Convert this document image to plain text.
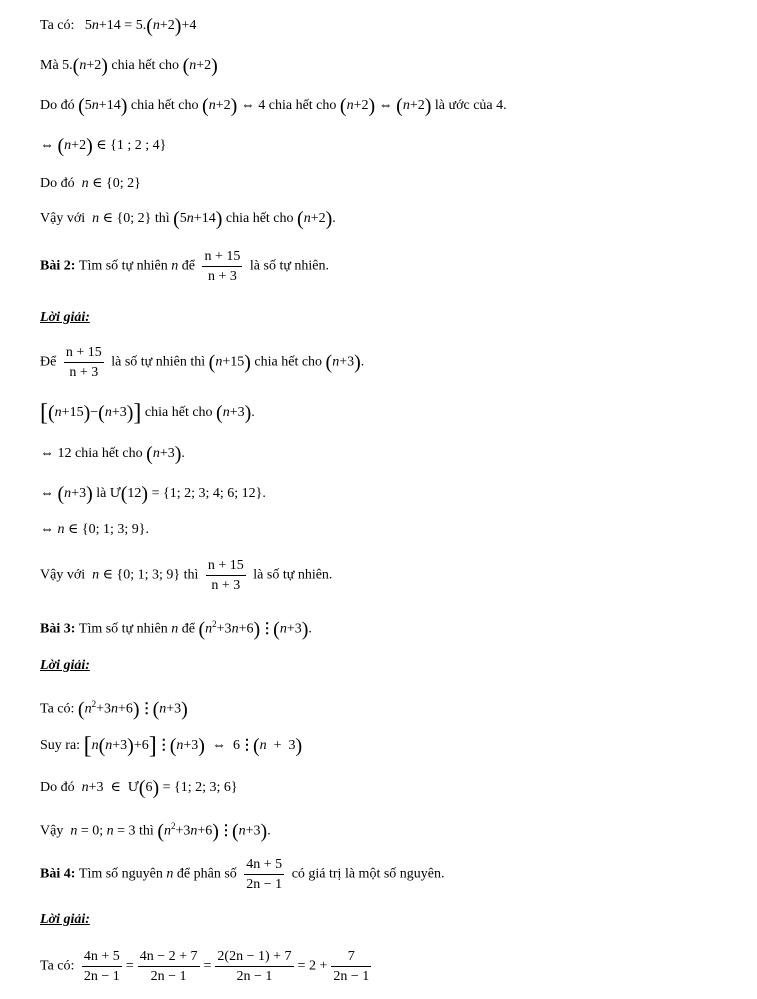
Ta có:   5n+14 = 5.(n+2)+4
Mà 5.(n+2) chia hết cho (n+2)
Do đó (5n+14) chia hết cho (n+2) ⇔ 4 chia hết cho (n+2) ⇔ (n+2) là ước của 4.
⇔ (n+2) ∈ {1 ; 2 ; 4}
Do đó n ∈ {0; 2}
Vậy với n ∈ {0; 2} thì (5n+14) chia hết cho (n+2).
Bài 2: Tìm số tự nhiên n để $\frac{n + 15}{n + 3}$ là số tự nhiên.
Lời giải:
Để $\frac{n + 15}{n + 3}$ là số tự nhiên thì (n+15) chia hết cho (n+3).
[(n+15)−(n+3)] chia hết cho (n+3).
⇔ 12 chia hết cho (n+3).
⇔ (n+3) là Ư(12) = {1; 2; 3; 4; 6; 12}.
⇔ n ∈ {0; 1; 3; 9}.
Vậy với n ∈ {0; 1; 3; 9} thì $\frac{n + 15}{n + 3}$ là số tự nhiên.
Bài 3: Tìm số tự nhiên n để $(n^2+3n+6)⋮(n+3)$.
Lời giải:
Ta có: $(n^2+3n+6)⋮(n+3)$
Suy ra: [n(n+3)+6]⋮(n+3)  ⇔  6⋮(n  +  3)
Do đó n+3  ∈  Ư(6) = {1; 2; 3; 6}
Vậy n = 0; n = 3 thì $(n^2+3n+6)⋮(n+3)$.
Bài 4: Tìm số nguyên n để phân số $\frac{4n + 5}{2n - 1}$ có giá trị là một số nguyên.
Lời giải:
Ta có: $\frac{4n + 5}{2n - 1} = \frac{4n - 2 + 7}{2n - 1} = \frac{2(2n - 1) + 7}{2n - 1} = 2 + \frac{7}{2n - 1}$
